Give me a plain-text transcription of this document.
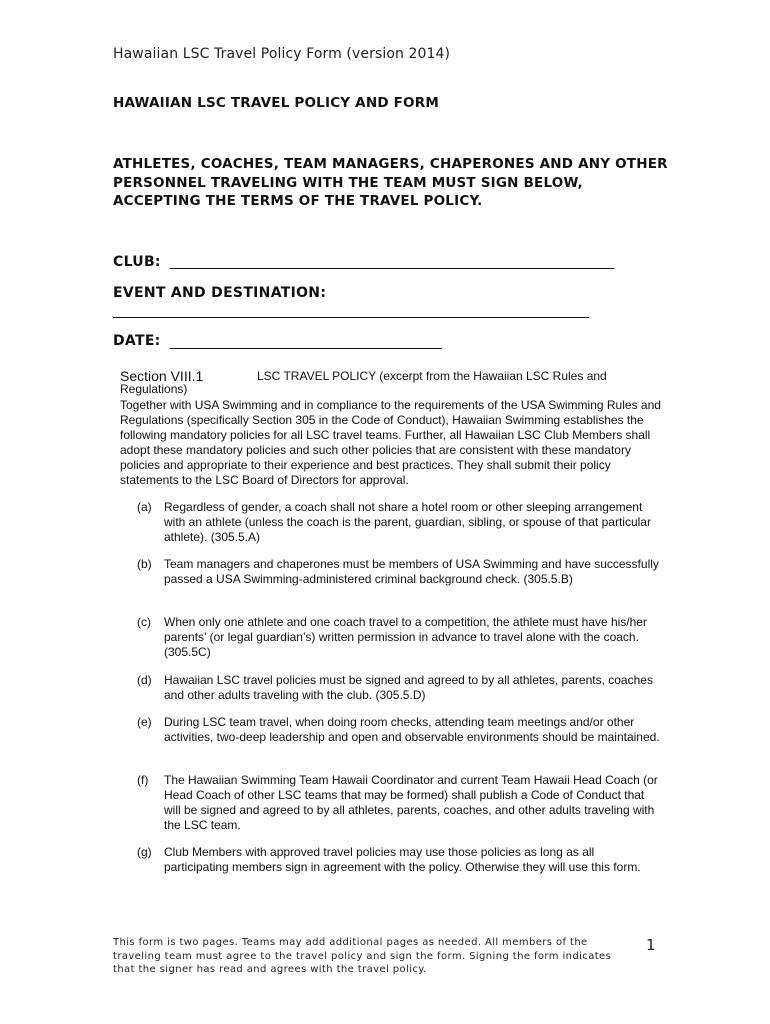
Hawaiian LSC Travel Policy Form (version 2014)
HAWAIIAN LSC TRAVEL POLICY AND FORM
ATHLETES, COACHES, TEAM MANAGERS, CHAPERONES AND ANY OTHER PERSONNEL TRAVELING WITH THE TEAM MUST SIGN BELOW, ACCEPTING THE TERMS OF THE TRAVEL POLICY.
CLUB:
EVENT AND DESTINATION:
DATE:
Section VIII.1	LSC TRAVEL POLICY (excerpt from the Hawaiian LSC Rules and
Regulations)
Together with USA Swimming and in compliance to the requirements of the USA Swimming Rules and Regulations (specifically Section 305 in the Code of Conduct), Hawaiian Swimming establishes the following mandatory policies for all LSC travel teams. Further, all Hawaiian LSC Club Members shall adopt these mandatory policies and such other policies that are consistent with these mandatory policies and appropriate to their experience and best practices. They shall submit their policy statements to the LSC Board of Directors for approval.
(a) Regardless of gender, a coach shall not share a hotel room or other sleeping arrangement with an athlete (unless the coach is the parent, guardian, sibling, or spouse of that particular athlete). (305.5.A)
(b) Team managers and chaperones must be members of USA Swimming and have successfully passed a USA Swimming-administered criminal background check. (305.5.B)
(c) When only one athlete and one coach travel to a competition, the athlete must have his/her parents’ (or legal guardian’s) written permission in advance to travel alone with the coach. (305.5C)
(d) Hawaiian LSC travel policies must be signed and agreed to by all athletes, parents, coaches and other adults traveling with the club. (305.5.D)
(e) During LSC team travel, when doing room checks, attending team meetings and/or other activities, two-deep leadership and open and observable environments should be maintained.
(f) The Hawaiian Swimming Team Hawaii Coordinator and current Team Hawaii Head Coach (or Head Coach of other LSC teams that may be formed) shall publish a Code of Conduct that will be signed and agreed to by all athletes, parents, coaches, and other adults traveling with the LSC team.
(g) Club Members with approved travel policies may use those policies as long as all participating members sign in agreement with the policy. Otherwise they will use this form.
This form is two pages. Teams may add additional pages as needed. All members of the traveling team must agree to the travel policy and sign the form. Signing the form indicates that the signer has read and agrees with the travel policy.
1
